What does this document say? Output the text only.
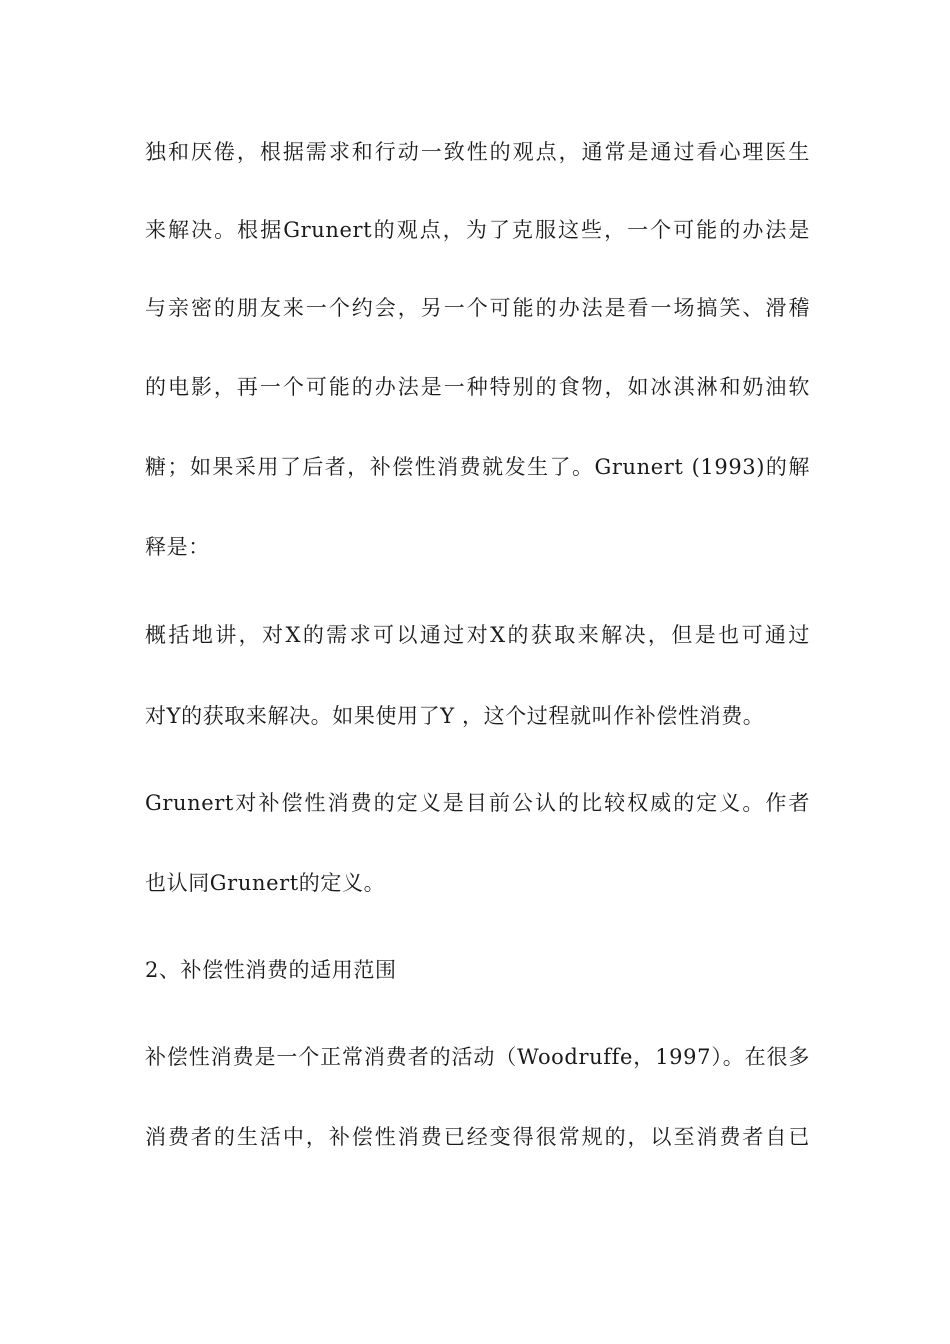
独和厌倦，根据需求和行动一致性的观点，通常是通过看心理医生
来解决。根据Grunert的观点，为了克服这些，一个可能的办法是
与亲密的朋友来一个约会，另一个可能的办法是看一场搞笑、滑稽
的电影，再一个可能的办法是一种特别的食物，如冰淇淋和奶油软
糖；如果采用了后者，补偿性消费就发生了。Grunert (1993)的解
释是：
概括地讲，对X的需求可以通过对X的获取来解决，但是也可通过
对Y的获取来解决。如果使用了Y ，这个过程就叫作补偿性消费。
Grunert对补偿性消费的定义是目前公认的比较权威的定义。作者
也认同Grunert的定义。
2、补偿性消费的适用范围
补偿性消费是一个正常消费者的活动（Woodruffe，1997）。在很多
消费者的生活中，补偿性消费已经变得很常规的，以至消费者自已
